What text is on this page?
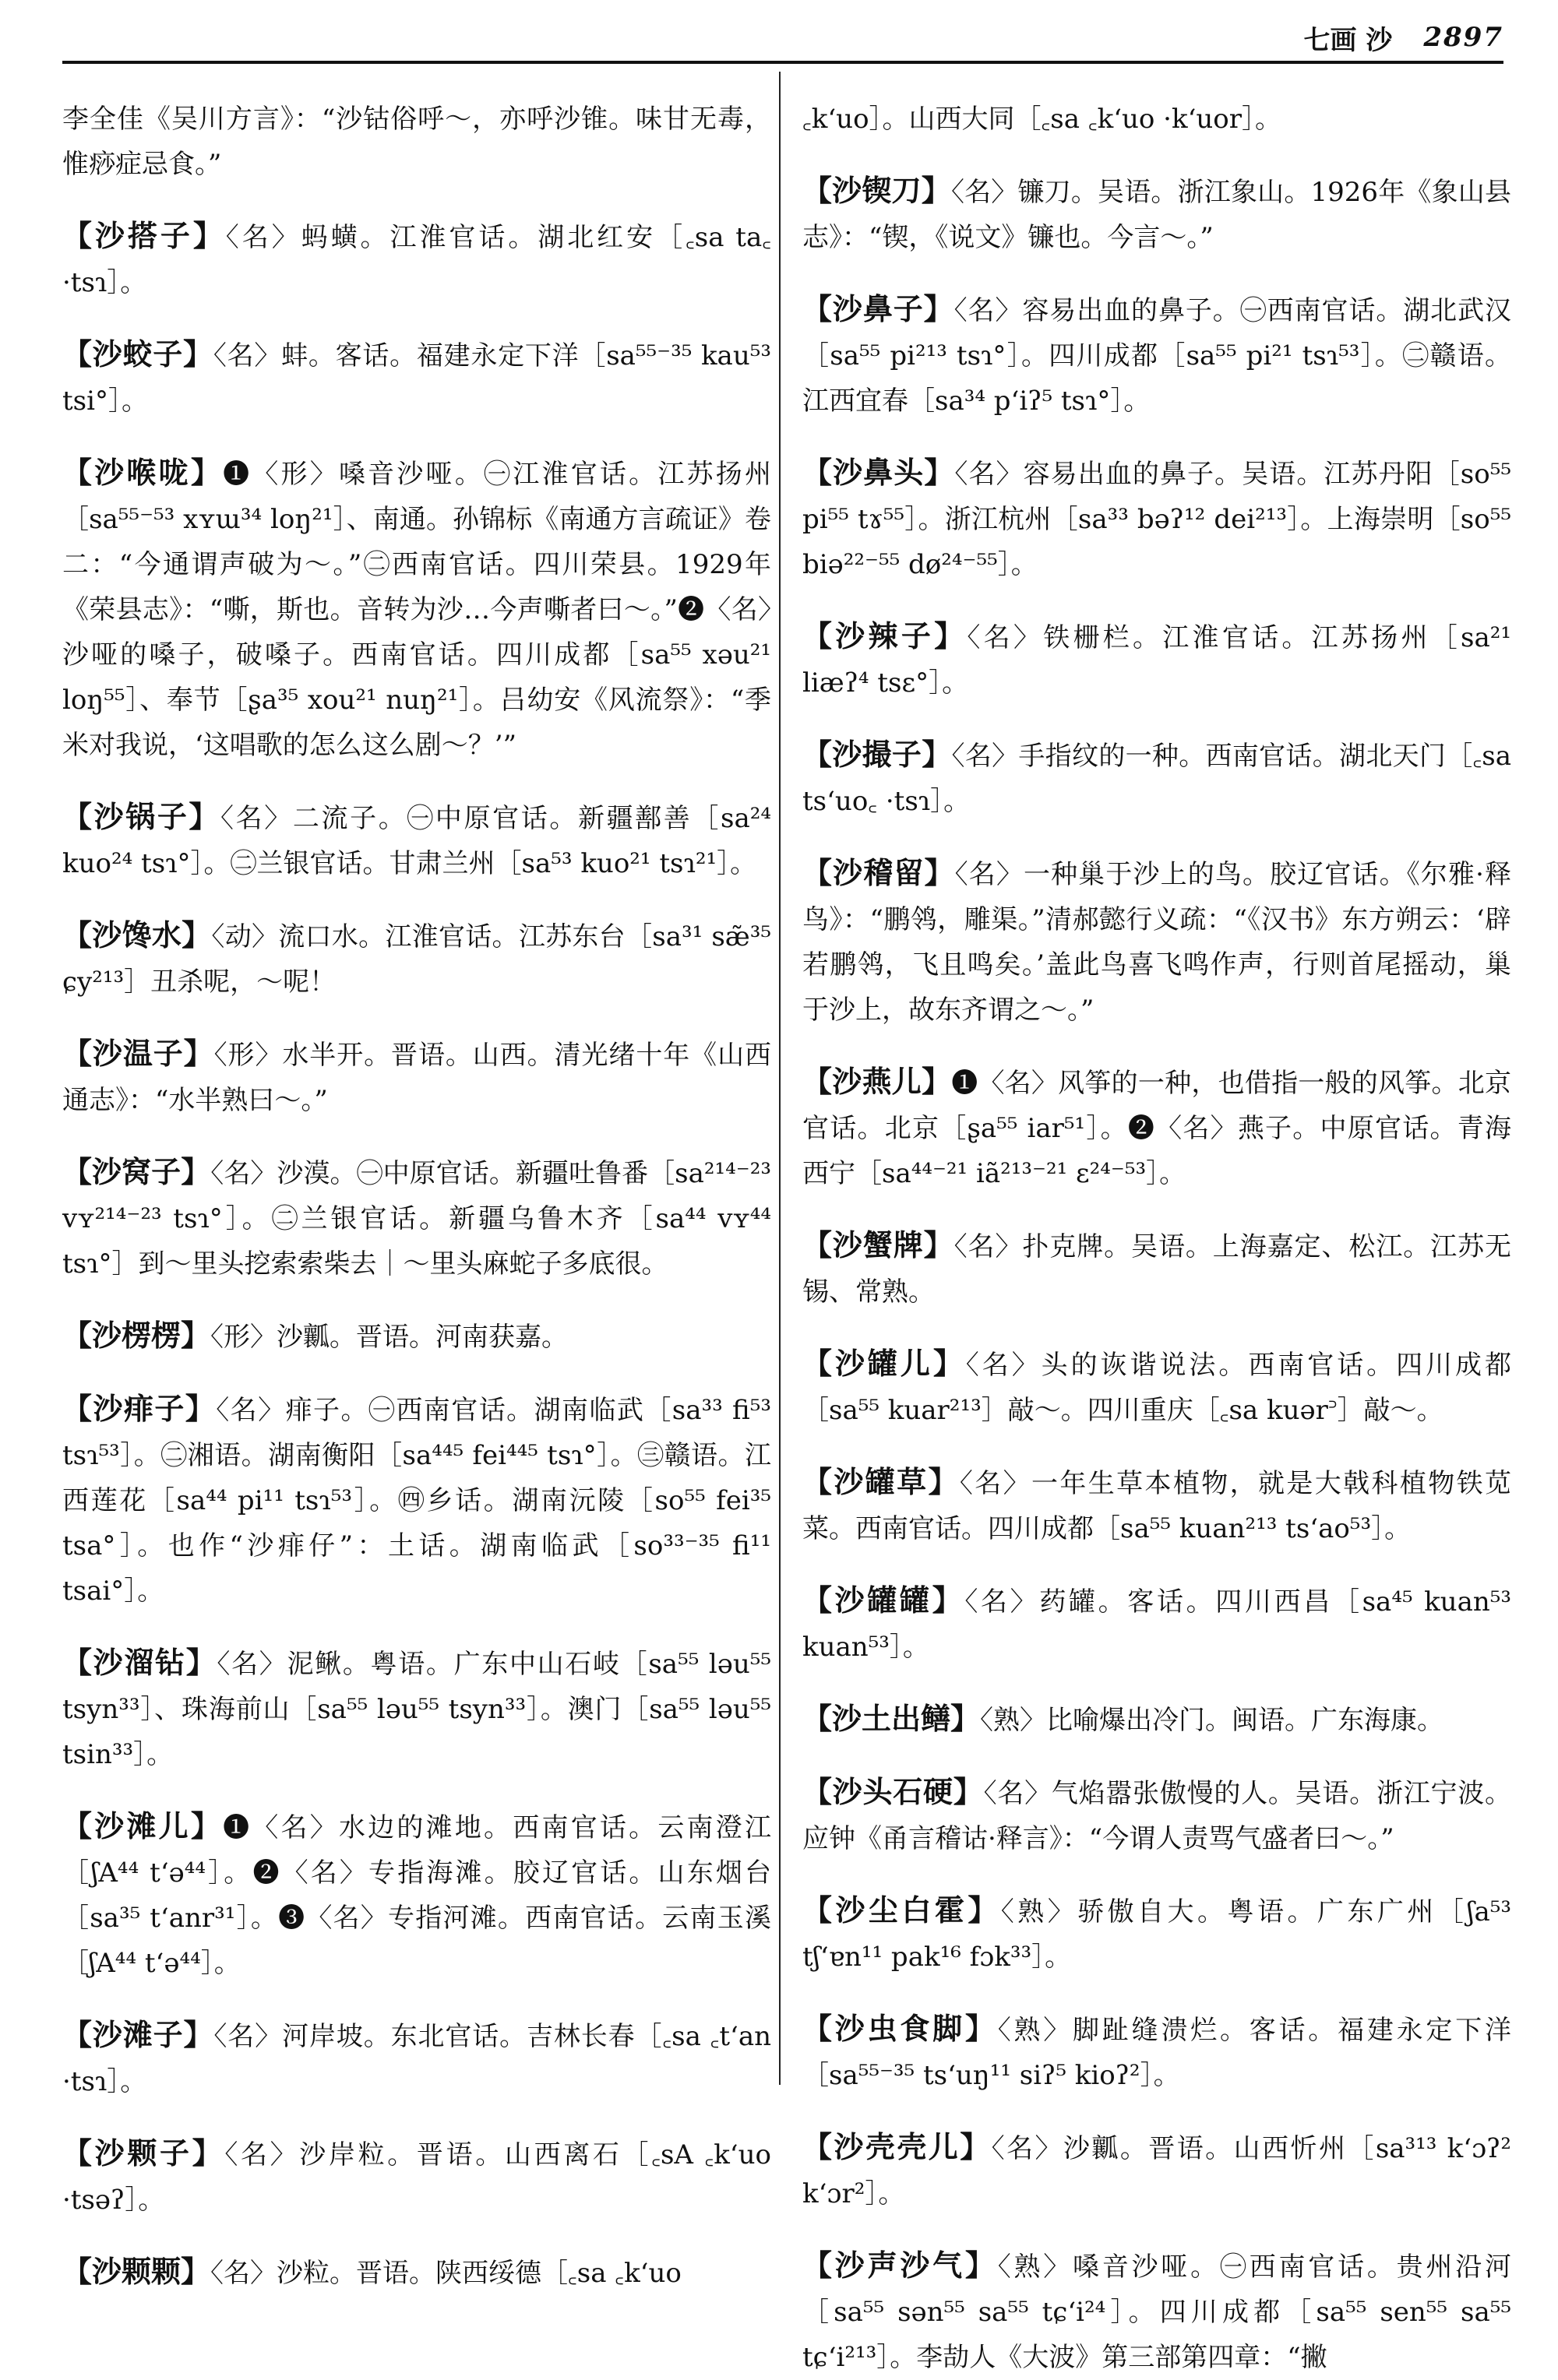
七画 沙 2897

李全佳《吴川方言》：“沙钴俗呼～，亦呼沙锥。味甘无毒，惟痧症忌食。”

【沙搭子】〈名〉蚂蟥。江淮官话。湖北红安［꜀sa ta꜀ ·tsɿ］。

【沙蛟子】〈名〉蚌。客话。福建永定下洋［sa⁵⁵⁻³⁵ kau⁵³ tsi°］。

【沙喉咙】❶〈形〉嗓音沙哑。㊀江淮官话。江苏扬州［sa⁵⁵⁻⁵³ xʏɯ³⁴ loŋ²¹］、南通。孙锦标《南通方言疏证》卷二：“今通谓声破为～。”㊁西南官话。四川荣县。1929年《荣县志》：“嘶，斯也。音转为沙…今声嘶者曰～。”❷〈名〉沙哑的嗓子，破嗓子。西南官话。四川成都［sa⁵⁵ xəu²¹ loŋ⁵⁵］、奉节［ʂa³⁵ xou²¹ nuŋ²¹］。吕幼安《风流祭》：“季米对我说，‘这唱歌的怎么这么剧～？’”

【沙锅子】〈名〉二流子。㊀中原官话。新疆鄯善［sa²⁴ kuo²⁴ tsɿ°］。㊁兰银官话。甘肃兰州［sa⁵³ kuo²¹ tsɿ²¹］。

【沙馋水】〈动〉流口水。江淮官话。江苏东台［sa³¹ sæ̃³⁵ ɕy²¹³］丑杀呢，～呢！

【沙温子】〈形〉水半开。晋语。山西。清光绪十年《山西通志》：“水半熟曰～。”

【沙窝子】〈名〉沙漠。㊀中原官话。新疆吐鲁番［sa²¹⁴⁻²³ vʏ²¹⁴⁻²³ tsɿ°］。㊁兰银官话。新疆乌鲁木齐［sa⁴⁴ vʏ⁴⁴ tsɿ°］到～里头挖索索柴去｜～里头麻蛇子多底很。

【沙楞楞】〈形〉沙瓤。晋语。河南获嘉。

【沙痱子】〈名〉痱子。㊀西南官话。湖南临武［sa³³ fi⁵³ tsɿ⁵³］。㊁湘语。湖南衡阳［sa⁴⁴⁵ fei⁴⁴⁵ tsɿ°］。㊂赣语。江西莲花［sa⁴⁴ pi¹¹ tsɿ⁵³］。㊃乡话。湖南沅陵［so⁵⁵ fei³⁵ tsa°］。也作“沙痱仔”：土话。湖南临武［so³³⁻³⁵ fi¹¹ tsai°］。

【沙溜钻】〈名〉泥鳅。粤语。广东中山石岐［sa⁵⁵ ləu⁵⁵ tsyn³³］、珠海前山［sa⁵⁵ ləu⁵⁵ tsyn³³］。澳门［sa⁵⁵ ləu⁵⁵ tsin³³］。

【沙滩儿】❶〈名〉水边的滩地。西南官话。云南澄江［ʃA⁴⁴ tʻə⁴⁴］。❷〈名〉专指海滩。胶辽官话。山东烟台［sa³⁵ tʻanr³¹］。❸〈名〉专指河滩。西南官话。云南玉溪［ʃA⁴⁴ tʻə⁴⁴］。

【沙滩子】〈名〉河岸坡。东北官话。吉林长春［꜀sa ꜀tʻan ·tsɿ］。

【沙颗子】〈名〉沙岸粒。晋语。山西离石［꜀sA ꜀kʻuo ·tsəʔ］。

【沙颗颗】〈名〉沙粒。晋语。陕西绥德［꜀sa ꜀kʻuo

꜀kʻuo］。山西大同［꜀sa ꜀kʻuo ·kʻuor］。

【沙锲刀】〈名〉镰刀。吴语。浙江象山。1926年《象山县志》：“锲，《说文》镰也。今言～。”

【沙鼻子】〈名〉容易出血的鼻子。㊀西南官话。湖北武汉［sa⁵⁵ pi²¹³ tsɿ°］。四川成都［sa⁵⁵ pi²¹ tsɿ⁵³］。㊁赣语。江西宜春［sa³⁴ pʻiʔ⁵ tsɿ°］。

【沙鼻头】〈名〉容易出血的鼻子。吴语。江苏丹阳［so⁵⁵ pi⁵⁵ tɤ⁵⁵］。浙江杭州［sa³³ bəʔ¹² dei²¹³］。上海崇明［so⁵⁵ biə²²⁻⁵⁵ dø²⁴⁻⁵⁵］。

【沙辣子】〈名〉铁栅栏。江淮官话。江苏扬州［sa²¹ liæʔ⁴ tsɛ°］。

【沙撮子】〈名〉手指纹的一种。西南官话。湖北天门［꜀sa tsʻuo꜀ ·tsɿ］。

【沙稽留】〈名〉一种巢于沙上的鸟。胶辽官话。《尔雅·释鸟》：“鹏鸰，雕渠。”清郝懿行义疏：“《汉书》东方朔云：‘辟若鹏鸰，飞且鸣矣。’盖此鸟喜飞鸣作声，行则首尾摇动，巢于沙上，故东齐谓之～。”

【沙燕儿】❶〈名〉风筝的一种，也借指一般的风筝。北京官话。北京［ʂa⁵⁵ iar⁵¹］。❷〈名〉燕子。中原官话。青海西宁［sa⁴⁴⁻²¹ iã²¹³⁻²¹ ɛ²⁴⁻⁵³］。

【沙蟹牌】〈名〉扑克牌。吴语。上海嘉定、松江。江苏无锡、常熟。

【沙罐儿】〈名〉头的诙谐说法。西南官话。四川成都［sa⁵⁵ kuar²¹³］敲～。四川重庆［꜀sa kuər꜄］敲～。

【沙罐草】〈名〉一年生草本植物，就是大戟科植物铁苋菜。西南官话。四川成都［sa⁵⁵ kuan²¹³ tsʻao⁵³］。

【沙罐罐】〈名〉药罐。客话。四川西昌［sa⁴⁵ kuan⁵³ kuan⁵³］。

【沙土出鳝】〈熟〉比喻爆出冷门。闽语。广东海康。

【沙头石硬】〈名〉气焰嚣张傲慢的人。吴语。浙江宁波。应钟《甬言稽诂·释言》：“今谓人责骂气盛者曰～。”

【沙尘白霍】〈熟〉骄傲自大。粤语。广东广州［ʃa⁵³ tʃʻɐn¹¹ pak¹⁶ fɔk³³］。

【沙虫食脚】〈熟〉脚趾缝溃烂。客话。福建永定下洋［sa⁵⁵⁻³⁵ tsʻuŋ¹¹ siʔ⁵ kioʔ²］。

【沙壳壳儿】〈名〉沙瓤。晋语。山西忻州［sa³¹³ kʻɔʔ² kʻɔr²］。

【沙声沙气】〈熟〉嗓音沙哑。㊀西南官话。贵州沿河［sa⁵⁵ sən⁵⁵ sa⁵⁵ tɕʻi²⁴］。四川成都［sa⁵⁵ sen⁵⁵ sa⁵⁵ tɕʻi²¹³］。李劼人《大波》第三部第四章：“撇
